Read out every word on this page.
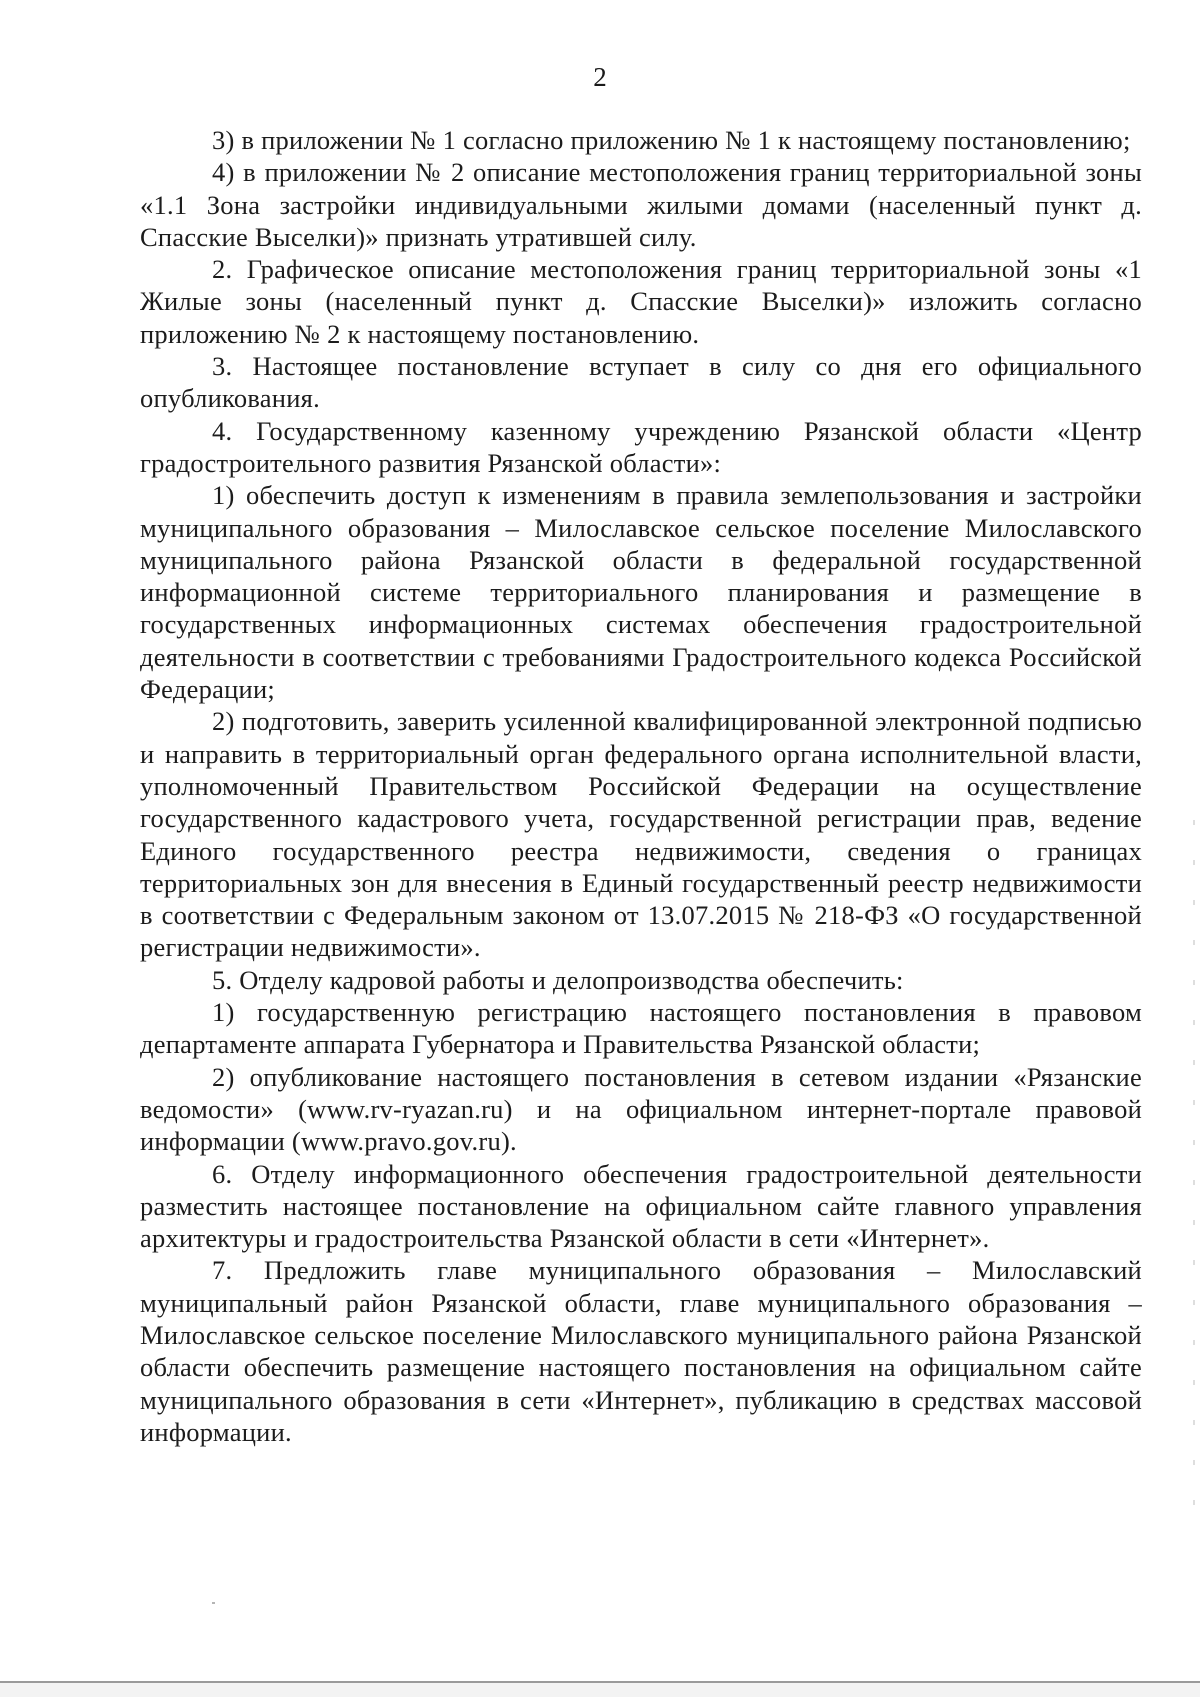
2

3) в приложении № 1 согласно приложению № 1 к настоящему постановлению;

4) в приложении № 2 описание местоположения границ территориальной зоны «1.1 Зона застройки индивидуальными жилыми домами (населенный пункт д. Спасские Выселки)» признать утратившей силу.

2. Графическое описание местоположения границ территориальной зоны «1 Жилые зоны (населенный пункт д. Спасские Выселки)» изложить согласно приложению № 2 к настоящему постановлению.

3. Настоящее постановление вступает в силу со дня его официального опубликования.

4. Государственному казенному учреждению Рязанской области «Центр градостроительного развития Рязанской области»:

1) обеспечить доступ к изменениям в правила землепользования и застройки муниципального образования – Милославское сельское поселение Милославского муниципального района Рязанской области в федеральной государственной информационной системе территориального планирования и размещение в государственных информационных системах обеспечения градостроительной деятельности в соответствии с требованиями Градостроительного кодекса Российской Федерации;

2) подготовить, заверить усиленной квалифицированной электронной подписью и направить в территориальный орган федерального органа исполнительной власти, уполномоченный Правительством Российской Федерации на осуществление государственного кадастрового учета, государственной регистрации прав, ведение Единого государственного реестра недвижимости, сведения о границах территориальных зон для внесения в Единый государственный реестр недвижимости в соответствии с Федеральным законом от 13.07.2015 № 218-ФЗ «О государственной регистрации недвижимости».

5. Отделу кадровой работы и делопроизводства обеспечить:

1) государственную регистрацию настоящего постановления в правовом департаменте аппарата Губернатора и Правительства Рязанской области;

2) опубликование настоящего постановления в сетевом издании «Рязанские ведомости» (www.rv-ryazan.ru) и на официальном интернет-портале правовой информации (www.pravo.gov.ru).

6. Отделу информационного обеспечения градостроительной деятельности разместить настоящее постановление на официальном сайте главного управления архитектуры и градостроительства Рязанской области в сети «Интернет».

7. Предложить главе муниципального образования – Милославский муниципальный район Рязанской области, главе муниципального образования – Милославское сельское поселение Милославского муниципального района Рязанской области обеспечить размещение настоящего постановления на официальном сайте муниципального образования в сети «Интернет», публикацию в средствах массовой информации.
